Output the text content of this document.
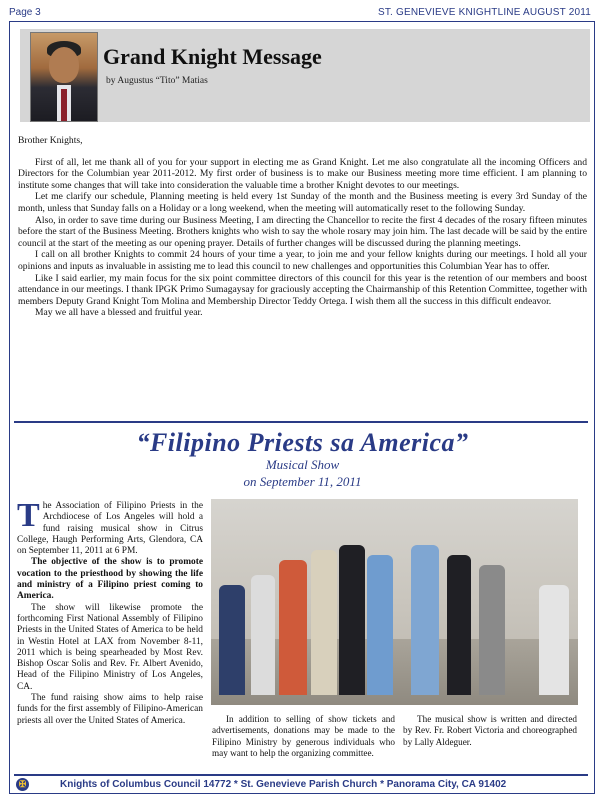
Page 3	ST. GENEVIEVE KNIGHTLINE AUGUST 2011
Grand Knight Message
by Augustus “Tito” Matias

Brother Knights,

First of all, let me thank all of you for your support in electing me as Grand Knight. Let me also congratulate all the incoming Officers and Directors for the Columbian year 2011-2012. My first order of business is to make our Business meeting more time efficient. I am planning to institute some changes that will take into consideration the valuable time a brother Knight devotes to our meetings.

Let me clarify our schedule, Planning meeting is held every 1st Sunday of the month and the Business meeting is every 3rd Sunday of the month, unless that Sunday falls on a Holiday or a long weekend, when the meeting will automatically reset to the following Sunday.

Also, in order to save time during our Business Meeting, I am directing the Chancellor to recite the first 4 decades of the rosary fifteen minutes before the start of the Business Meeting. Brothers knights who wish to say the whole rosary may join him. The last decade will be said by the entire council at the start of the meeting as our opening prayer. Details of further changes will be discussed during the planning meetings.

I call on all brother Knights to commit 24 hours of your time a year, to join me and your fellow knights during our meetings. I hold all your opinions and inputs as invaluable in assisting me to lead this council to new challenges and opportunities this Columbian Year has to offer.

Like I said earlier, my main focus for the six point committee directors of this council for this year is the retention of our members and boost attendance in our meetings. I thank IPGK Primo Sumagaysay for graciously accepting the Chairmanship of this Retention Committee, together with members Deputy Grand Knight Tom Molina and Membership Director Teddy Ortega. I wish them all the success in this difficult endeavor.

May we all have a blessed and fruitful year.

“Filipino Priests sa America”
Musical Show
on September 11, 2011

The Association of Filipino Priests in the Archdiocese of Los Angeles will hold a fund raising musical show in Citrus College, Haugh Performing Arts, Glendora, CA on September 11, 2011 at 6 PM.

The objective of the show is to promote vocation to the priesthood by showing the life and ministry of a Filipino priest coming to America.

The show will likewise promote the forthcoming First National Assembly of Filipino Priests in the United States of America to be held in Westin Hotel at LAX from November 8-11, 2011 which is being spearheaded by Most Rev. Bishop Oscar Solis and Rev. Fr. Albert Avenido, Head of the Filipino Ministry of Los Angeles, CA.

The fund raising show aims to help raise funds for the first assembly of Filipino-American priests all over the United States of America.	In addition to selling of show tickets and advertisements, donations may be made to the Filipino Ministry by generous individuals who may want to help the organizing committee.

The musical show is written and directed by Rev. Fr. Robert Victoria and choreographed by Lally Aldeguer.

✠	Knights of Columbus Council 14772 * St. Genevieve Parish Church * Panorama City, CA 91402
